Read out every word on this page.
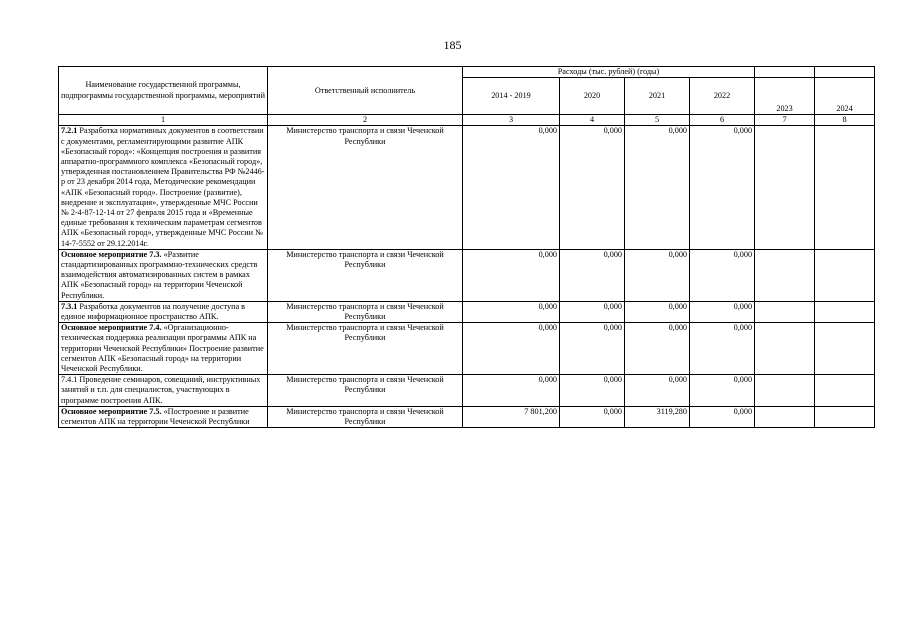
185
Наименование государственной программы, подпрограммы государственной программы, мероприятий	Ответственный исполнитель	Расходы (тыс. рублей) (годы)					
		2014 - 2019	2020	2021	2022	2023	2024
1	2	3	4	5	6	7	8
7.2.1 Разработка нормативных документов в соответствии с документами, регламентирующими развитие АПК «Безопасный город»: «Концепция построения и развития аппаратно-программного комплекса «Безопасный город», утвержденная постановлением Правительства РФ №2446-р от 23 декабря 2014 года, Методические рекомендации «АПК «Безопасный город». Построение (развитие), внедрение и эксплуатация», утвержденные МЧС России № 2-4-87-12-14 от 27 февраля 2015 года и «Временные единые требования к техническим параметрам сегментов АПК «Безопасный город», утвержденные МЧС России № 14-7-5552 от 29.12.2014г.	Министерство транспорта и связи Чеченской Республики	0,000	0,000	0,000	0,000		
Основное мероприятие 7.3. «Развитие стандартизированных программно-технических средств взаимодействия автоматизированных систем в рамках АПК «Безопасный город» на территории Чеченской Республики.	Министерство транспорта и связи Чеченской Республики	0,000	0,000	0,000	0,000		
7.3.1 Разработка документов на получение доступа в единое информационное пространство АПК.	Министерство транспорта и связи Чеченской Республики	0,000	0,000	0,000	0,000		
Основное мероприятие 7.4. «Организационно-техническая поддержка реализации программы АПК на территории Чеченской Республики» Построение развитие сегментов АПК «Безопасный город» на территории Чеченской Республики.	Министерство транспорта и связи Чеченской Республики	0,000	0,000	0,000	0,000		
7.4.1 Проведение семинаров, совещаний, инструктивных занятий и т.п. для специалистов, участвующих в программе построения АПК.	Министерство транспорта и связи Чеченской Республики	0,000	0,000	0,000	0,000		
Основное мероприятие 7.5. «Построение и развитие сегментов АПК на территории Чеченской Республики	Министерство транспорта и связи Чеченской Республики	7 801,200	0,000	3119,280	0,000		
